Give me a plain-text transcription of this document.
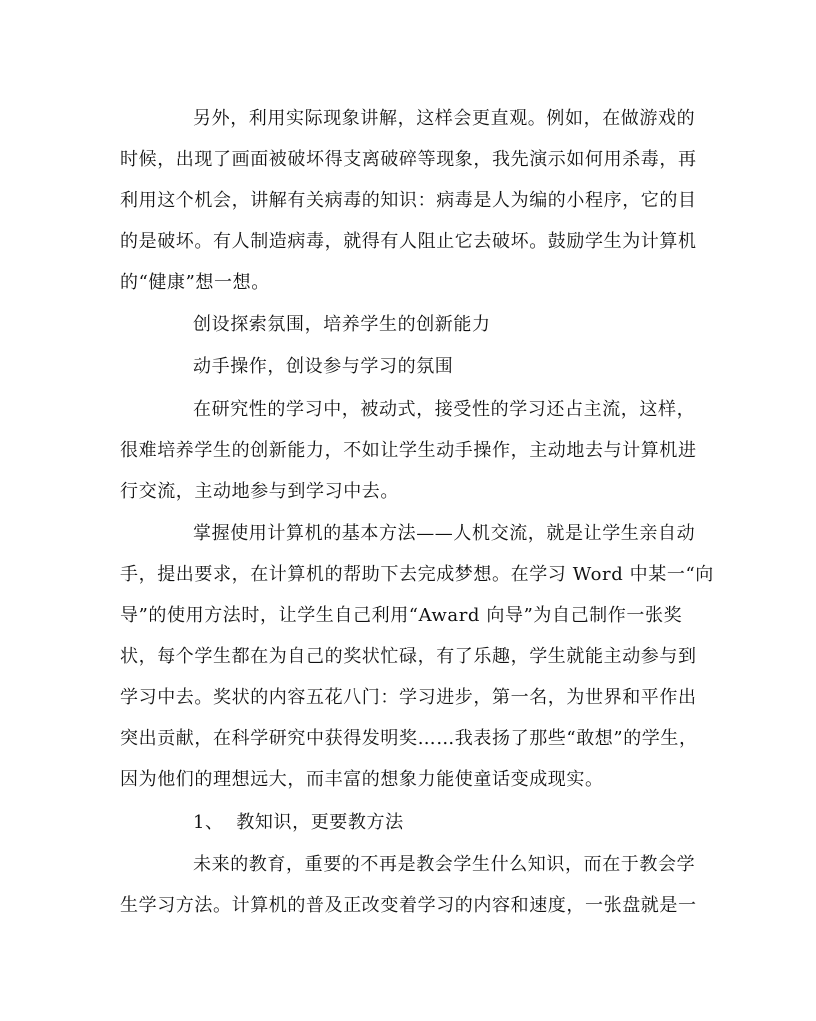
另外，利用实际现象讲解，这样会更直观。例如，在做游戏的
时候，出现了画面被破坏得支离破碎等现象，我先演示如何用杀毒，再
利用这个机会，讲解有关病毒的知识：病毒是人为编的小程序，它的目
的是破坏。有人制造病毒，就得有人阻止它去破坏。鼓励学生为计算机
的“健康”想一想。
创设探索氛围，培养学生的创新能力
动手操作，创设参与学习的氛围
在研究性的学习中，被动式，接受性的学习还占主流，这样，
很难培养学生的创新能力，不如让学生动手操作，主动地去与计算机进
行交流，主动地参与到学习中去。
掌握使用计算机的基本方法——人机交流，就是让学生亲自动
手，提出要求，在计算机的帮助下去完成梦想。在学习 Word 中某一“向
导”的使用方法时，让学生自己利用“Award 向导”为自己制作一张奖
状，每个学生都在为自己的奖状忙碌，有了乐趣，学生就能主动参与到
学习中去。奖状的内容五花八门：学习进步，第一名，为世界和平作出
突出贡献，在科学研究中获得发明奖……我表扬了那些“敢想”的学生，
因为他们的理想远大，而丰富的想象力能使童话变成现实。
1、  教知识，更要教方法
未来的教育，重要的不再是教会学生什么知识，而在于教会学
生学习方法。计算机的普及正改变着学习的内容和速度，一张盘就是一
